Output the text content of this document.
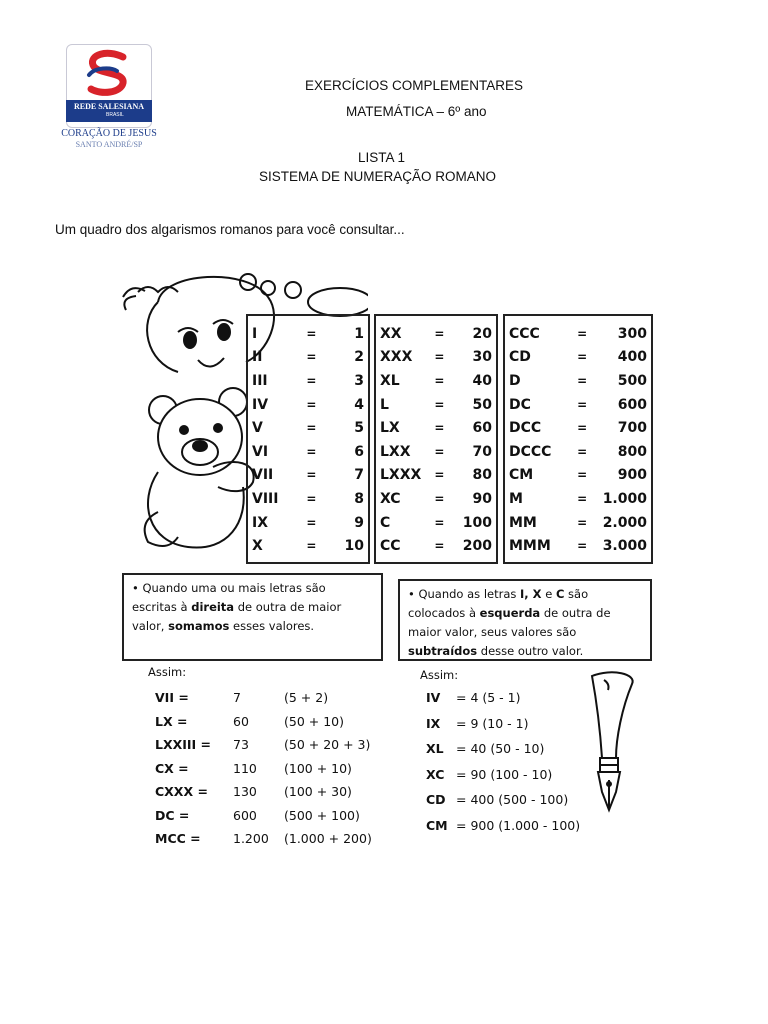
REDE SALESIANA
BRASIL
CORAÇÃO DE JESUS
SANTO ANDRÉ/SP
EXERCÍCIOS COMPLEMENTARES
MATEMÁTICA – 6º ano
LISTA 1
SISTEMA DE NUMERAÇÃO ROMANO
Um quadro dos algarismos romanos para você consultar...
I	=	1
II	=	2
III	=	3
IV	=	4
V	=	5
VI	=	6
VII	=	7
VIII	=	8
IX	=	9
X	=	10
XX	=	20
XXX	=	30
XL	=	40
L	=	50
LX	=	60
LXX	=	70
LXXX	=	80
XC	=	90
C	=	100
CC	=	200
CCC	=	300
CD	=	400
D	=	500
DC	=	600
DCC	=	700
DCCC	=	800
CM	=	900
M	=	1.000
MM	=	2.000
MMM	=	3.000
• Quando uma ou mais letras são escritas à direita de outra de maior valor, somamos esses valores.
• Quando as letras I, X e C são colocados à esquerda de outra de maior valor, seus valores são subtraídos desse outro valor.
Assim:	Assim:
VII =	7	(5 + 2)
LX =	60	(50 + 10)
LXXIII = 73	(50 + 20 + 3)
CX =	110 (100 + 10)
CXXX = 130 (100 + 30)
DC =	600 (500 + 100)
MCC =	1.200 (1.000 + 200)
IV = 4 (5 - 1)
IX = 9 (10 - 1)
XL = 40 (50 - 10)
XC = 90 (100 - 10)
CD = 400 (500 - 100)
CM = 900 (1.000 - 100)
